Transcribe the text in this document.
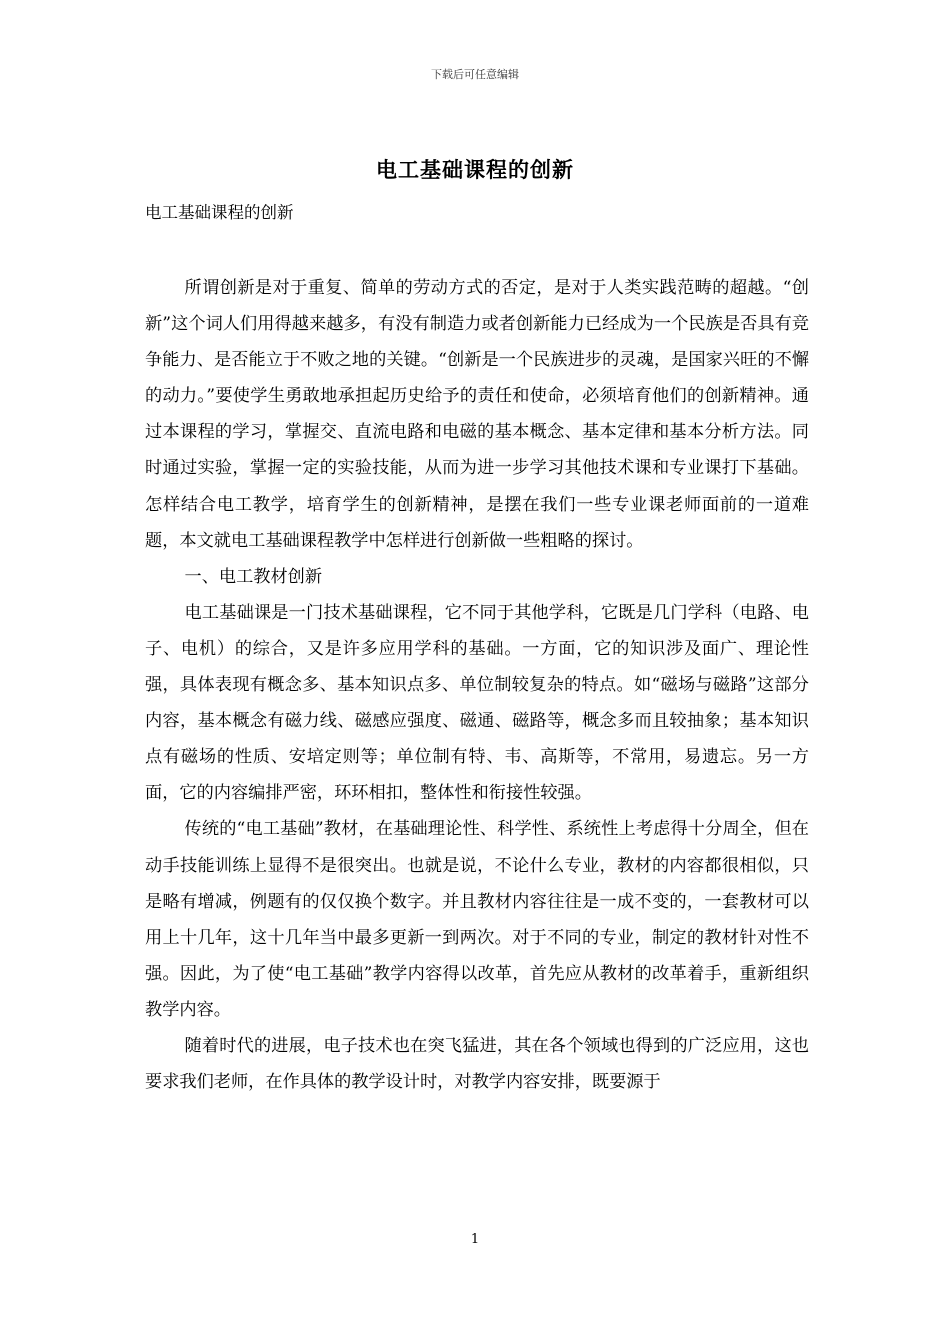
下载后可任意编辑
电工基础课程的创新
电工基础课程的创新

所谓创新是对于重复、简单的劳动方式的否定，是对于人类实践范畴的超越。“创新”这个词人们用得越来越多，有没有制造力或者创新能力已经成为一个民族是否具有竞争能力、是否能立于不败之地的关键。“创新是一个民族进步的灵魂，是国家兴旺的不懈的动力。”要使学生勇敢地承担起历史给予的责任和使命，必须培育他们的创新精神。通过本课程的学习，掌握交、直流电路和电磁的基本概念、基本定律和基本分析方法。同时通过实验，掌握一定的实验技能，从而为进一步学习其他技术课和专业课打下基础。怎样结合电工教学，培育学生的创新精神，是摆在我们一些专业课老师面前的一道难题，本文就电工基础课程教学中怎样进行创新做一些粗略的探讨。

一、电工教材创新

电工基础课是一门技术基础课程，它不同于其他学科，它既是几门学科（电路、电子、电机）的综合，又是许多应用学科的基础。一方面，它的知识涉及面广、理论性强，具体表现有概念多、基本知识点多、单位制较复杂的特点。如“磁场与磁路”这部分内容，基本概念有磁力线、磁感应强度、磁通、磁路等，概念多而且较抽象；基本知识点有磁场的性质、安培定则等；单位制有特、韦、高斯等，不常用，易遗忘。另一方面，它的内容编排严密，环环相扣，整体性和衔接性较强。

传统的“电工基础”教材，在基础理论性、科学性、系统性上考虑得十分周全，但在动手技能训练上显得不是很突出。也就是说，不论什么专业，教材的内容都很相似，只是略有增减，例题有的仅仅换个数字。并且教材内容往往是一成不变的，一套教材可以用上十几年，这十几年当中最多更新一到两次。对于不同的专业，制定的教材针对性不强。因此，为了使“电工基础”教学内容得以改革，首先应从教材的改革着手，重新组织教学内容。

随着时代的进展，电子技术也在突飞猛进，其在各个领域也得到的广泛应用，这也要求我们老师，在作具体的教学设计时，对教学内容安排，既要源于

1
